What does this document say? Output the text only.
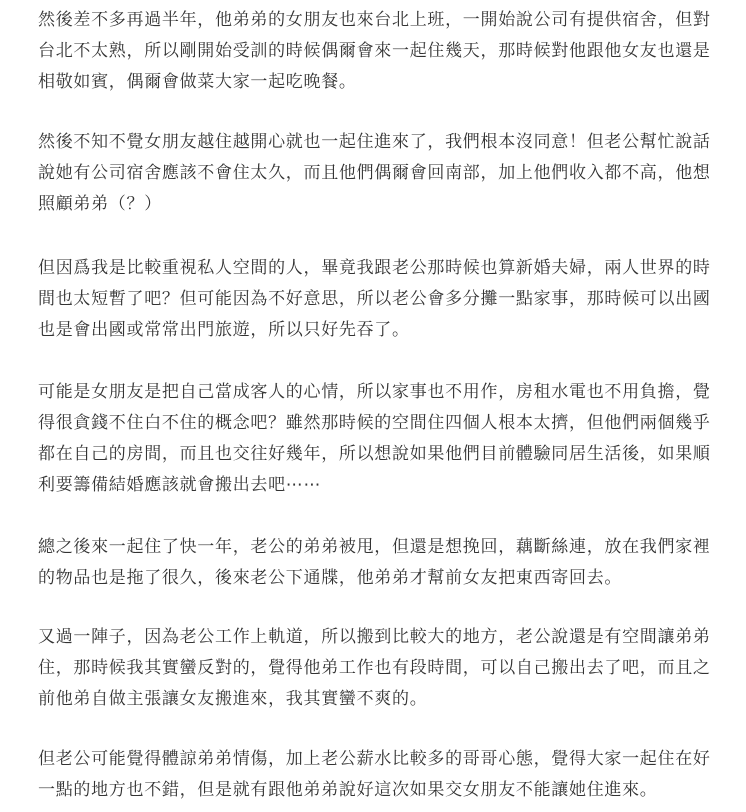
然後差不多再過半年，他弟弟的女朋友也來台北上班，一開始說公司有提供宿舍，但對
台北不太熟，所以剛開始受訓的時候偶爾會來一起住幾天，那時候對他跟他女友也還是
相敬如賓，偶爾會做菜大家一起吃晚餐。

然後不知不覺女朋友越住越開心就也一起住進來了，我們根本沒同意！但老公幫忙說話
說她有公司宿舍應該不會住太久，而且他們偶爾會回南部，加上他們收入都不高，他想
照顧弟弟（？）

但因爲我是比較重視私人空間的人，畢竟我跟老公那時候也算新婚夫婦，兩人世界的時
間也太短暫了吧？但可能因為不好意思，所以老公會多分攤一點家事，那時候可以出國
也是會出國或常常出門旅遊，所以只好先吞了。

可能是女朋友是把自己當成客人的心情，所以家事也不用作，房租水電也不用負擔，覺
得很貪錢不住白不住的概念吧？雖然那時候的空間住四個人根本太擠，但他們兩個幾乎
都在自己的房間，而且也交往好幾年，所以想說如果他們目前體驗同居生活後，如果順
利要籌備結婚應該就會搬出去吧⋯⋯

總之後來一起住了快一年，老公的弟弟被甩，但還是想挽回，藕斷絲連，放在我們家裡
的物品也是拖了很久，後來老公下通牒，他弟弟才幫前女友把東西寄回去。

又過一陣子，因為老公工作上軌道，所以搬到比較大的地方，老公說還是有空間讓弟弟
住，那時候我其實蠻反對的，覺得他弟工作也有段時間，可以自己搬出去了吧，而且之
前他弟自做主張讓女友搬進來，我其實蠻不爽的。

但老公可能覺得體諒弟弟情傷，加上老公薪水比較多的哥哥心態，覺得大家一起住在好
一點的地方也不錯，但是就有跟他弟弟說好這次如果交女朋友不能讓她住進來。
